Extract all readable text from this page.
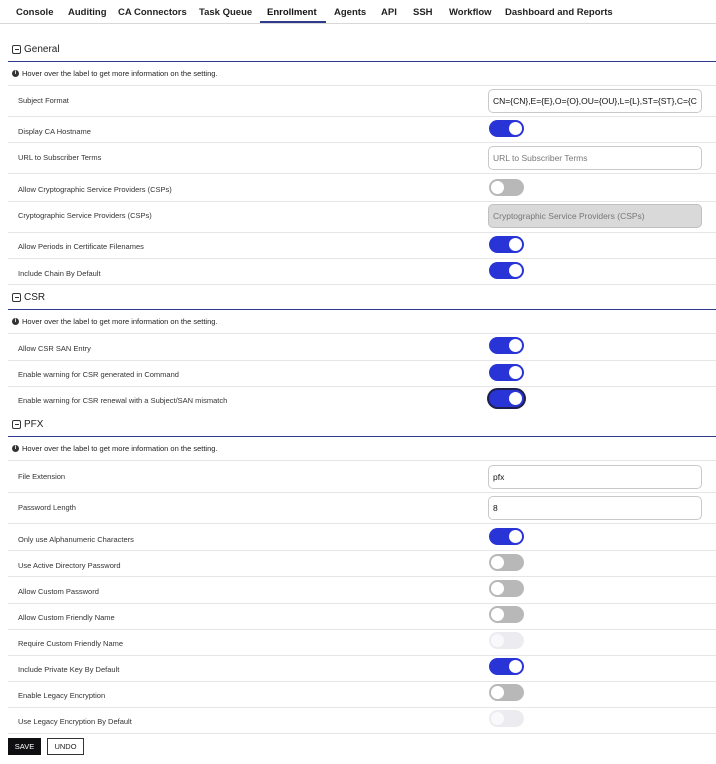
Console Auditing CA Connectors Task Queue Enrollment Agents API SSH Workflow Dashboard and Reports
General
i Hover over the label to get more information on the setting.
Subject Format
CN={CN},E={E},O={O},OU={OU},L={L},ST={ST},C={C}
Display CA Hostname
URL to Subscriber Terms
URL to Subscriber Terms
Allow Cryptographic Service Providers (CSPs)
Cryptographic Service Providers (CSPs)
Cryptographic Service Providers (CSPs)
Allow Periods in Certificate Filenames
Include Chain By Default
CSR
i Hover over the label to get more information on the setting.
Allow CSR SAN Entry
Enable warning for CSR generated in Command
Enable warning for CSR renewal with a Subject/SAN mismatch
PFX
i Hover over the label to get more information on the setting.
File Extension
pfx
Password Length
8
Only use Alphanumeric Characters
Use Active Directory Password
Allow Custom Password
Allow Custom Friendly Name
Require Custom Friendly Name
Include Private Key By Default
Enable Legacy Encryption
Use Legacy Encryption By Default
SAVE	UNDO
